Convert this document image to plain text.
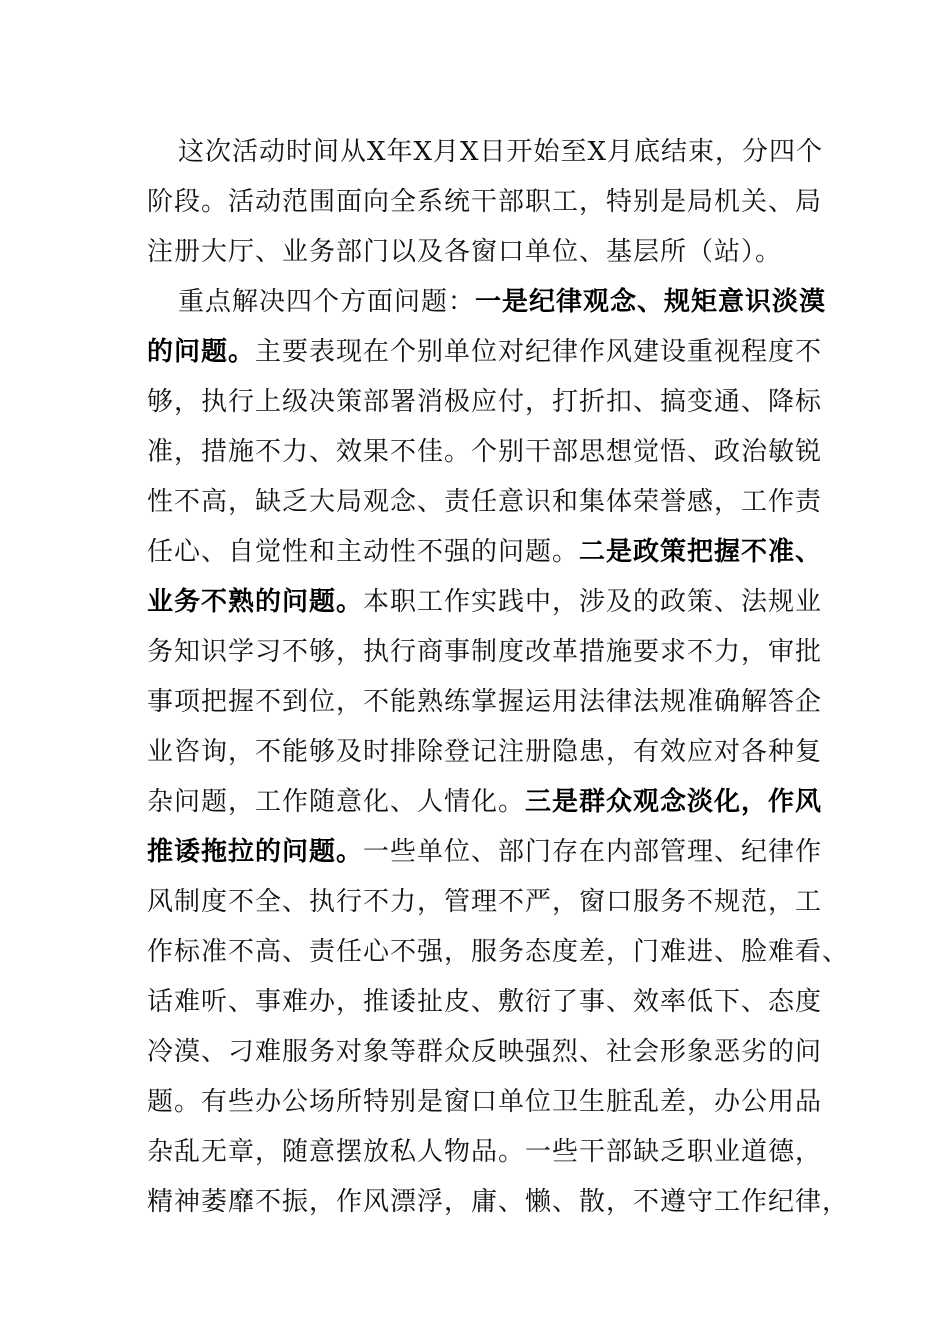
这次活动时间从X年X月X日开始至X月底结束，分四个
阶段。活动范围面向全系统干部职工，特别是局机关、局
注册大厅、业务部门以及各窗口单位、基层所（站）。
重点解决四个方面问题：一是纪律观念、规矩意识淡漠
的问题。主要表现在个别单位对纪律作风建设重视程度不
够，执行上级决策部署消极应付，打折扣、搞变通、降标
准，措施不力、效果不佳。个别干部思想觉悟、政治敏锐
性不高，缺乏大局观念、责任意识和集体荣誉感，工作责
任心、自觉性和主动性不强的问题。二是政策把握不准、
业务不熟的问题。本职工作实践中，涉及的政策、法规业
务知识学习不够，执行商事制度改革措施要求不力，审批
事项把握不到位，不能熟练掌握运用法律法规准确解答企
业咨询，不能够及时排除登记注册隐患，有效应对各种复
杂问题，工作随意化、人情化。三是群众观念淡化，作风
推诿拖拉的问题。一些单位、部门存在内部管理、纪律作
风制度不全、执行不力，管理不严，窗口服务不规范，工
作标准不高、责任心不强，服务态度差，门难进、脸难看、
话难听、事难办，推诿扯皮、敷衍了事、效率低下、态度
冷漠、刁难服务对象等群众反映强烈、社会形象恶劣的问
题。有些办公场所特别是窗口单位卫生脏乱差，办公用品
杂乱无章，随意摆放私人物品。一些干部缺乏职业道德，
精神萎靡不振，作风漂浮，庸、懒、散，不遵守工作纪律，
